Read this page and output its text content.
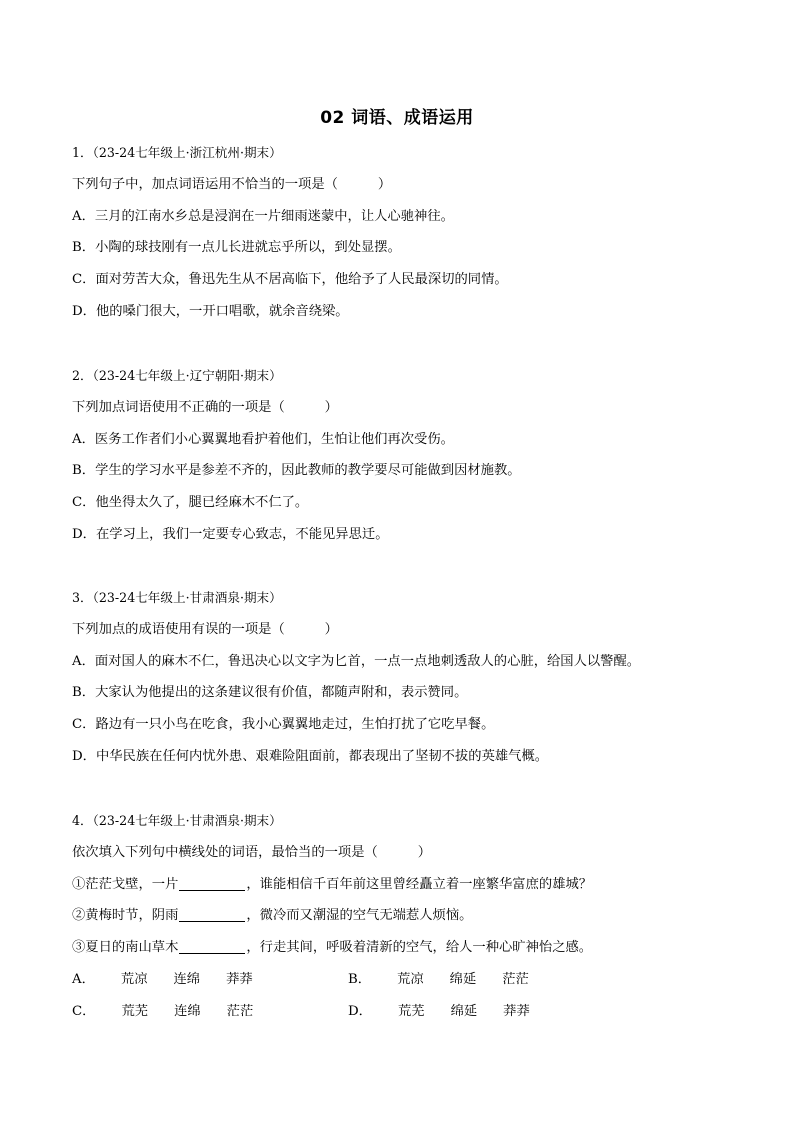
02 词语、成语运用
1．（23-24七年级上·浙江杭州·期末）
下列句子中，加点词语运用不恰当的一项是（　　　）
A．三月的江南水乡总是浸润在一片细雨迷蒙中，让人心驰神往。
B．小陶的球技刚有一点儿长进就忘乎所以，到处显摆。
C．面对劳苦大众，鲁迅先生从不居高临下，他给予了人民最深切的同情。
D．他的嗓门很大，一开口唱歌，就余音绕梁。
2．（23-24七年级上·辽宁朝阳·期末）
下列加点词语使用不正确的一项是（　　　）
A．医务工作者们小心翼翼地看护着他们，生怕让他们再次受伤。
B．学生的学习水平是参差不齐的，因此教师的教学要尽可能做到因材施教。
C．他坐得太久了，腿已经麻木不仁了。
D．在学习上，我们一定要专心致志，不能见异思迁。
3．（23-24七年级上·甘肃酒泉·期末）
下列加点的成语使用有误的一项是（　　　）
A．面对国人的麻木不仁，鲁迅决心以文字为匕首，一点一点地刺透敌人的心脏，给国人以警醒。
B．大家认为他提出的这条建议很有价值，都随声附和，表示赞同。
C．路边有一只小鸟在吃食，我小心翼翼地走过，生怕打扰了它吃早餐。
D．中华民族在任何内忧外患、艰难险阻面前，都表现出了坚韧不拔的英雄气概。
4．（23-24七年级上·甘肃酒泉·期末）
依次填入下列句中横线处的词语，最恰当的一项是（　　　）
①茫茫戈壁，一片	，谁能相信千百年前这里曾经矗立着一座繁华富庶的雄城？
②黄梅时节，阴雨	，微冷而又潮湿的空气无端惹人烦恼。
③夏日的南山草木	，行走其间，呼吸着清新的空气，给人一种心旷神怡之感。
A． 荒凉 连绵 莽莽	B． 荒凉 绵延 茫茫
C． 荒芜 连绵 茫茫	D． 荒芜 绵延 莽莽
